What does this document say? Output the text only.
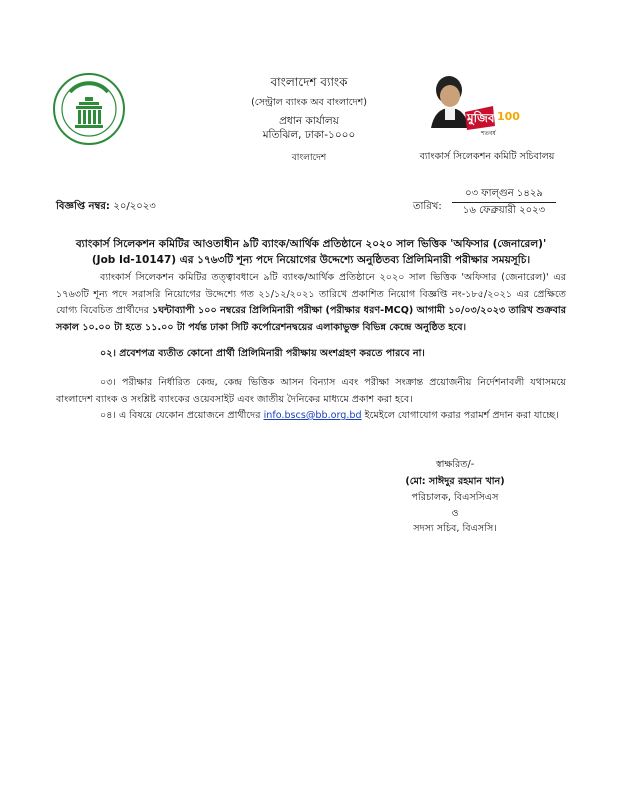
বাংলাদেশ ব্যাংক
(সেন্ট্রাল ব্যাংক অব বাংলাদেশ)
প্রধান কার্যালয়
মতিঝিল, ঢাকা-১০০০
বাংলাদেশ
100
মুজিব
শতবর্ষ
ব্যাংকার্স সিলেকশন কমিটি সচিবালয়
বিজ্ঞপ্তি নম্বর: ২০/২০২৩	তারিখ:
০৩ ফাল্গুন ১৪২৯
১৬ ফেব্রুয়ারী ২০২৩
ব্যাংকার্স সিলেকশন কমিটির আওতাধীন ৯টি ব্যাংক/আর্থিক প্রতিষ্ঠানে ২০২০ সাল ভিত্তিক 'অফিসার (জেনারেল)'
(Job Id-10147) এর ১৭৬৩টি শূন্য পদে নিয়োগের উদ্দেশ্যে অনুষ্ঠিতব্য প্রিলিমিনারী পরীক্ষার সময়সূচি।
ব্যাংকার্স সিলেকশন কমিটির তত্ত্বাবধানে ৯টি ব্যাংক/আর্থিক প্রতিষ্ঠানে ২০২০ সাল ভিত্তিক 'অফিসার (জেনারেল)' এর ১৭৬৩টি শূন্য পদে সরাসরি নিয়োগের উদ্দেশ্যে গত ২১/১২/২০২১ তারিখে প্রকাশিত নিয়োগ বিজ্ঞপ্তি নং-১৮৫/২০২১ এর প্রেক্ষিতে যোগ্য বিবেচিত প্রার্থীদের ১ঘন্টাব্যাপী ১০০ নম্বরের প্রিলিমিনারী পরীক্ষা (পরীক্ষার ধরণ-MCQ) আগামী ১০/০৩/২০২৩ তারিখ শুক্রবার সকাল ১০.০০ টা হতে ১১.০০ টা পর্যন্ত ঢাকা সিটি কর্পোরেশনদ্বয়ের এলাকাভুক্ত বিভিন্ন কেন্দ্রে অনুষ্ঠিত হবে।
০২। প্রবেশপত্র ব্যতীত কোনো প্রার্থী প্রিলিমিনারী পরীক্ষায় অংশগ্রহণ করতে পারবে না।
০৩। পরীক্ষার নির্ধারিত কেন্দ্র, কেন্দ্র ভিত্তিক আসন বিন্যাস এবং পরীক্ষা সংক্রান্ত প্রয়োজনীয় নির্দেশনাবলী যথাসময়ে বাংলাদেশ ব্যাংক ও সংশ্লিষ্ট ব্যাংকের ওয়েবসাইট এবং জাতীয় দৈনিকের মাধ্যমে প্রকাশ করা হবে।
০৪। এ বিষয়ে যেকোন প্রয়োজনে প্রার্থীদের info.bscs@bb.org.bd ইমেইলে যোগাযোগ করার পরামর্শ প্রদান করা যাচ্ছে।
স্বাক্ষরিত/-
(মো: সাঈদুর রহমান খান)
পরিচালক, বিএসসিএস
ও
সদস্য সচিব, বিএসসি।
